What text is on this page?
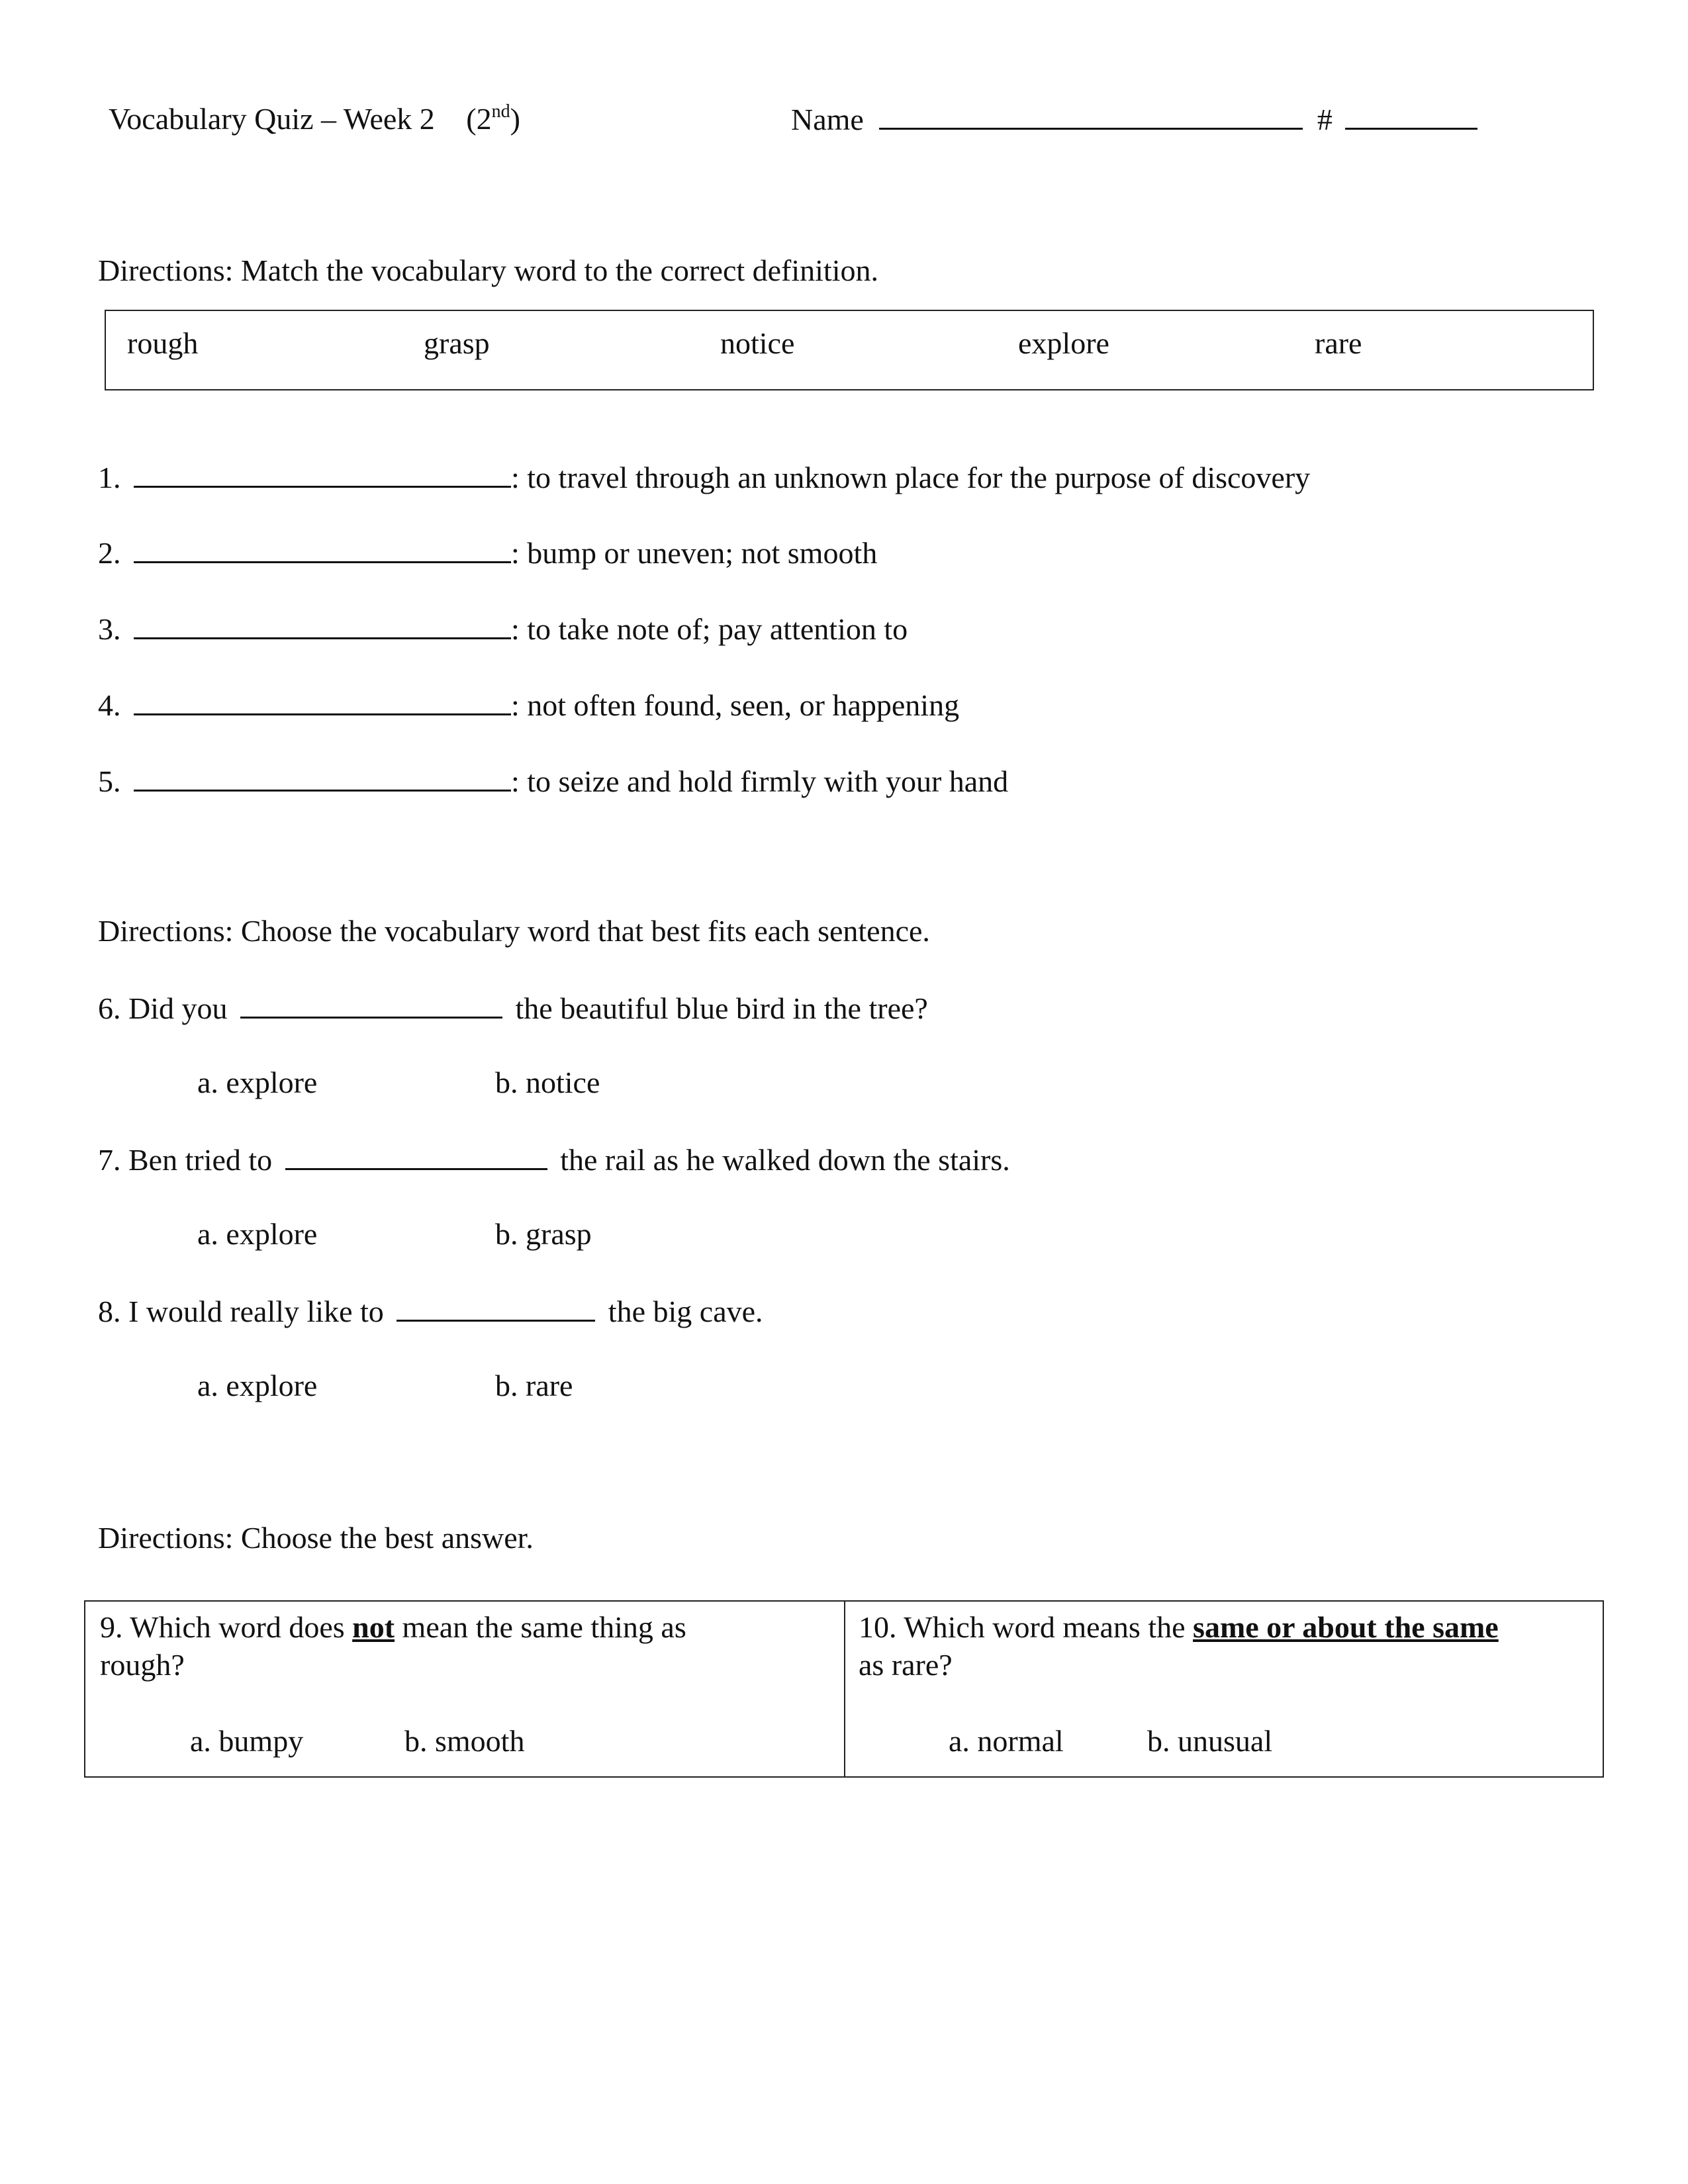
Vocabulary Quiz – Week 2 (2nd)	Name	#
Directions: Match the vocabulary word to the correct definition.
rough	grasp	notice	explore	rare
1.	: to travel through an unknown place for the purpose of discovery
2.	: bump or uneven; not smooth
3.	: to take note of; pay attention to
4.	: not often found, seen, or happening
5.	: to seize and hold firmly with your hand
Directions: Choose the vocabulary word that best fits each sentence.
6. Did you	the beautiful blue bird in the tree?
a. explore	b. notice
7. Ben tried to	the rail as he walked down the stairs.
a. explore	b. grasp
8. I would really like to	the big cave.
a. explore	b. rare
Directions: Choose the best answer.
9. Which word does not mean the same thing as
rough?
a. bumpy	b. smooth
10. Which word means the same or about the same
as rare?
a. normal	b. unusual
